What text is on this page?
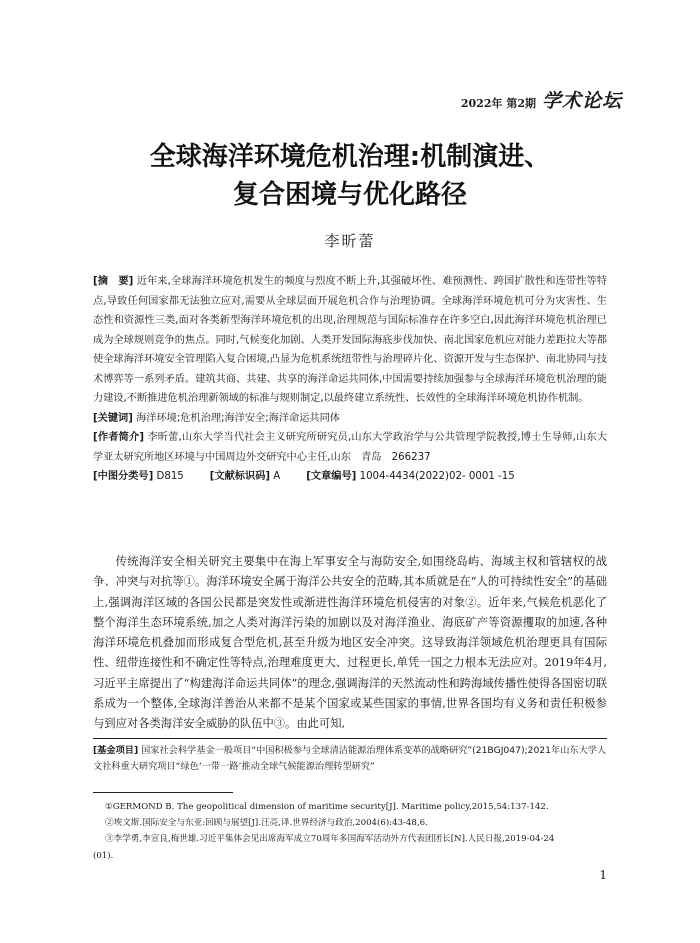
2022年 第2期 学术论坛
全球海洋环境危机治理:机制演进、
复合困境与优化路径
李昕蕾

[摘　要] 近年来,全球海洋环境危机发生的频度与烈度不断上升,其强破坏性、难预测性、跨国扩散性和连带性等特点,导致任何国家都无法独立应对,需要从全球层面开展危机合作与治理协调。全球海洋环境危机可分为灾害性、生态性和资源性三类,面对各类新型海洋环境危机的出现,治理规范与国际标准存在许多空白,因此海洋环境危机治理已成为全球规则竞争的焦点。同时,气候变化加剧、人类开发国际海底步伐加快、南北国家危机应对能力差距拉大等都使全球海洋环境安全管理陷入复合困境,凸显为危机系统纽带性与治理碎片化、资源开发与生态保护、南北协同与技术博弈等一系列矛盾。建筑共商、共建、共享的海洋命运共同体,中国需要持续加强参与全球海洋环境危机治理的能力建设,不断推进危机治理新领域的标准与规则制定,以最终建立系统性、长效性的全球海洋环境危机协作机制。

[关键词] 海洋环境;危机治理;海洋安全;海洋命运共同体

[作者简介] 李昕蕾,山东大学当代社会主义研究所研究员,山东大学政治学与公共管理学院教授,博士生导师,山东大学亚太研究所地区环境与中国周边外交研究中心主任,山东　青岛　266237

[中图分类号] D815	[文献标识码] A	[文章编号] 1004-4434(2022)02- 0001 -15

传统海洋安全相关研究主要集中在海上军事安全与海防安全,如围绕岛屿、海域主权和管辖权的战争、冲突与对抗等①。海洋环境安全属于海洋公共安全的范畴,其本质就是在“人的可持续性安全”的基础上,强调海洋区域的各国公民都是突发性或渐进性海洋环境危机侵害的对象②。近年来,气候危机恶化了整个海洋生态环境系统,加之人类对海洋污染的加剧以及对海洋渔业、海底矿产等资源攫取的加速,各种海洋环境危机叠加而形成复合型危机,甚至升级为地区安全冲突。这导致海洋领域危机治理更具有国际性、纽带连接性和不确定性等特点,治理难度更大、过程更长,单凭一国之力根本无法应对。2019年4月,习近平主席提出了“构建海洋命运共同体”的理念,强调海洋的天然流动性和跨海域传播性使得各国密切联系成为一个整体,全球海洋善治从来都不是某个国家或某些国家的事情,世界各国均有义务和责任积极参与到应对各类海洋安全威胁的队伍中③。由此可知,

[基金项目] 国家社会科学基金一般项目“中国积极参与全球清洁能源治理体系变革的战略研究”(21BGJ047);2021年山东大学人文社科重大研究项目“绿色‘一带一路’推动全球气候能源治理转型研究”

①GERMOND B. The geopolitical dimension of maritime security[J]. Maritime policy,2015,54:137-142.

②埃文斯.国际安全与东亚:回顾与展望[J].汪亮,译.世界经济与政治,2004(6):43-48,6.

③李学勇,李宣良,梅世雄.习近平集体会见出席海军成立70周年多国海军活动外方代表团团长[N].人民日报,2019-04-24

(01).

1
